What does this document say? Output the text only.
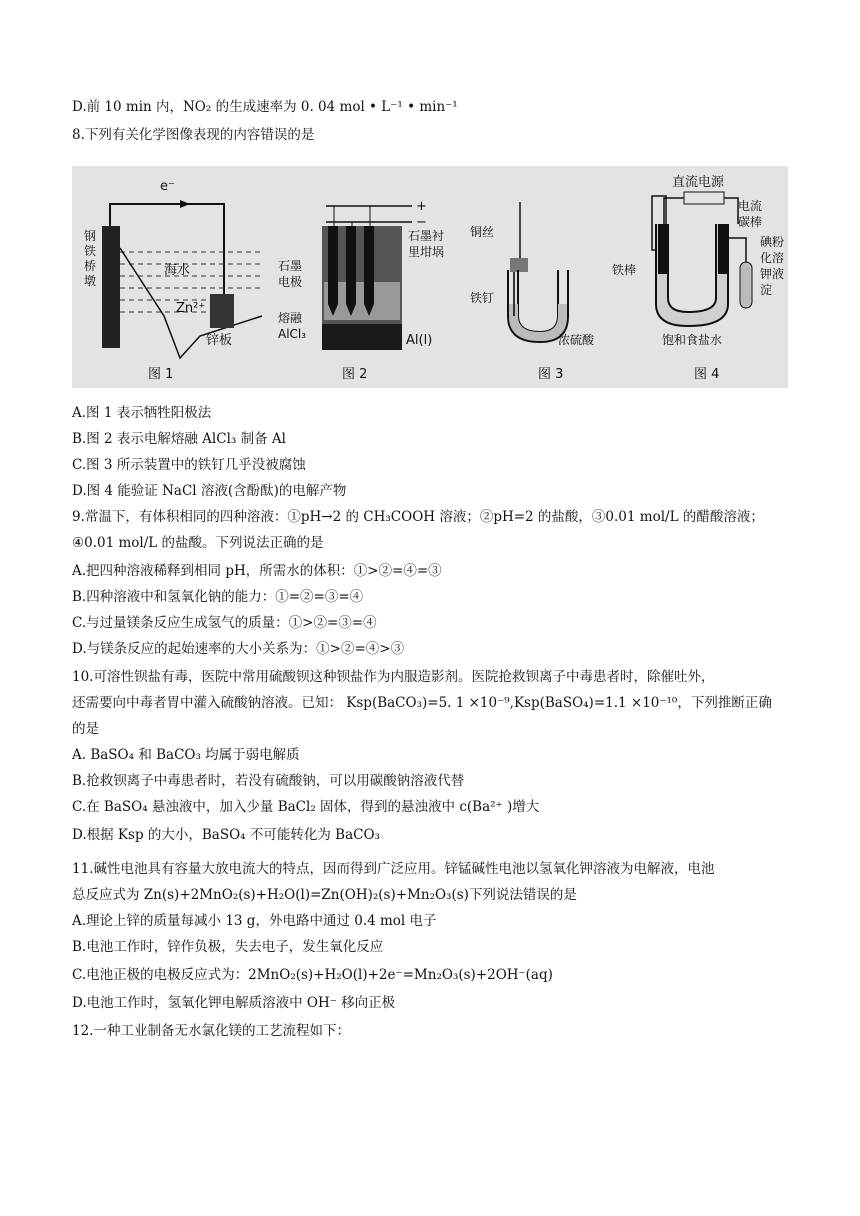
D.前 10 min 内，NO₂ 的生成速率为 0. 04 mol • L⁻¹ • min⁻¹
8.下列有关化学图像表现的内容错误的是
e⁻
钢铁桥墩
海水
Zn²⁺
锌板
图 1
+
−
石墨衬里坩埚
石墨电极
熔融 AlCl₃	Al(l)
图 2
铜丝
铁钉
浓硫酸
图 3
直流电源
电流
碳棒
碘粉化溶钾液淀
铁棒
饱和食盐水
图 4
A.图 1 表示牺牲阳极法
B.图 2 表示电解熔融 AlCl₃ 制备 Al
C.图 3 所示装置中的铁钉几乎没被腐蚀
D.图 4 能验证 NaCl 溶液(含酚酞)的电解产物
9.常温下，有体积相同的四种溶液：①pH→2 的 CH₃COOH 溶液；②pH=2 的盐酸，③0.01 mol/L 的醋酸溶液；
④0.01 mol/L 的盐酸。下列说法正确的是
A.把四种溶液稀释到相同 pH，所需水的体积：①>②=④=③
B.四种溶液中和氢氧化钠的能力：①=②=③=④
C.与过量镁条反应生成氢气的质量：①>②=③=④
D.与镁条反应的起始速率的大小关系为：①>②=④>③
10.可溶性钡盐有毒，医院中常用硫酸钡这种钡盐作为内服造影剂。医院抢救钡离子中毒患者时，除催吐外，
还需要向中毒者胃中灌入硫酸钠溶液。已知： Ksp(BaCO₃)=5. 1 ×10⁻⁹,Ksp(BaSO₄)=1.1 ×10⁻¹⁰，下列推断正确
的是
A. BaSO₄ 和 BaCO₃ 均属于弱电解质
B.抢救钡离子中毒患者时，若没有硫酸钠，可以用碳酸钠溶液代替
C.在 BaSO₄ 悬浊液中，加入少量 BaCl₂ 固体，得到的悬浊液中 c(Ba²⁺ )增大
D.根据 Ksp 的大小，BaSO₄ 不可能转化为 BaCO₃
11.碱性电池具有容量大放电流大的特点，因而得到广泛应用。锌锰碱性电池以氢氧化钾溶液为电解液，电池
总反应式为 Zn(s)+2MnO₂(s)+H₂O(l)=Zn(OH)₂(s)+Mn₂O₃(s)下列说法错误的是
A.理论上锌的质量每减小 13 g，外电路中通过 0.4 mol 电子
B.电池工作时，锌作负极，失去电子，发生氧化反应
C.电池正极的电极反应式为：2MnO₂(s)+H₂O(l)+2e⁻=Mn₂O₃(s)+2OH⁻(aq)
D.电池工作时，氢氧化钾电解质溶液中 OH⁻ 移向正极
12.一种工业制备无水氯化镁的工艺流程如下：
